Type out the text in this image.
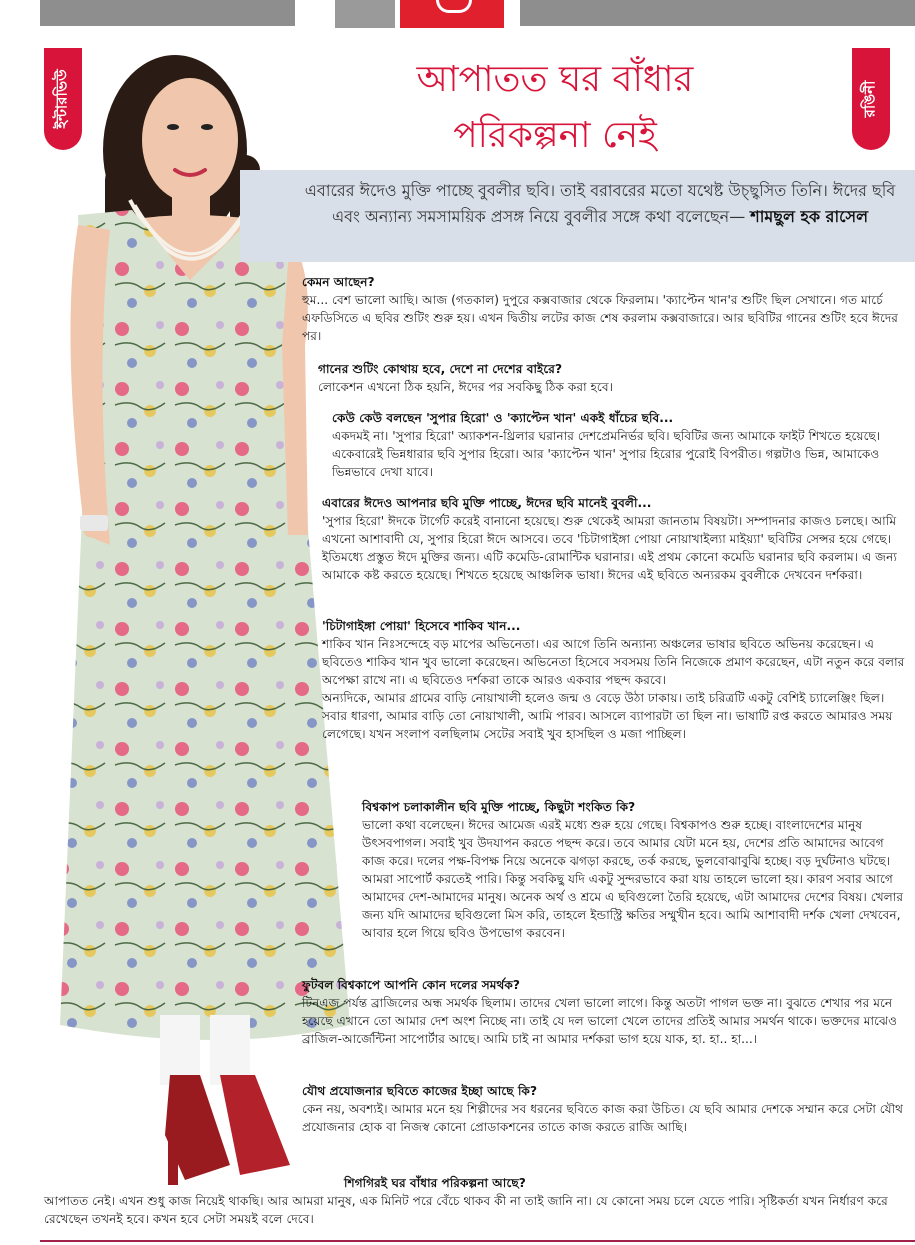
ইন্টারভিউ	রঙিনী
আপাতত ঘর বাঁধার
পরিকল্পনা নেই
এবারের ঈদেও মুক্তি পাচ্ছে বুবলীর ছবি। তাই বরাবরের মতো যথেষ্ট উচ্ছ্বসিত তিনি। ঈদের ছবি এবং অন্যান্য সমসাময়িক প্রসঙ্গ নিয়ে বুবলীর সঙ্গে কথা বলেছেন— শামছুল হক রাসেল

কেমন আছেন?

হুম... বেশ ভালো আছি। আজ (গতকাল) দুপুরে কক্সবাজার থেকে ফিরলাম। 'ক্যাপ্টেন খান'র শুটিং ছিল সেখানে। গত মার্চে এফডিসিতে এ ছবির শুটিং শুরু হয়। এখন দ্বিতীয় লটের কাজ শেষ করলাম কক্সবাজারে। আর ছবিটির গানের শুটিং হবে ঈদের পর।

গানের শুটিং কোথায় হবে, দেশে না দেশের বাইরে?

লোকেশন এখনো ঠিক হয়নি, ঈদের পর সবকিছু ঠিক করা হবে।

কেউ কেউ বলছেন 'সুপার হিরো' ও 'ক্যাপ্টেন খান' একই ধাঁচের ছবি...

একদমই না। 'সুপার হিরো' অ্যাকশন-থ্রিলার ঘরানার দেশপ্রেমনির্ভর ছবি। ছবিটির জন্য আমাকে ফাইট শিখতে হয়েছে। একেবারেই ভিন্নধারার ছবি সুপার হিরো। আর 'ক্যাপ্টেন খান' সুপার হিরোর পুরোই বিপরীত। গল্পটাও ভিন্ন, আমাকেও ভিন্নভাবে দেখা যাবে।

এবারের ঈদেও আপনার ছবি মুক্তি পাচ্ছে, ঈদের ছবি মানেই বুবলী...

'সুপার হিরো' ঈদকে টার্গেট করেই বানানো হয়েছে। শুরু থেকেই আমরা জানতাম বিষয়টা। সম্পাদনার কাজও চলছে। আমি এখনো আশাবাদী যে, সুপার হিরো ঈদে আসবে। তবে 'চিটাগাইঙ্গা পোয়া নোয়াখাইল্যা মাইয়্যা' ছবিটির সেন্সর হয়ে গেছে। ইতিমধ্যে প্রস্তুত ঈদে মুক্তির জন্য। এটি কমেডি-রোমান্টিক ঘরানার। এই প্রথম কোনো কমেডি ঘরানার ছবি করলাম। এ জন্য আমাকে কষ্ট করতে হয়েছে। শিখতে হয়েছে আঞ্চলিক ভাষা। ঈদের এই ছবিতে অন্যরকম বুবলীকে দেখবেন দর্শকরা।

'চিটাগাইঙ্গা পোয়া' হিসেবে শাকিব খান...

শাকিব খান নিঃসন্দেহে বড় মাপের অভিনেতা। এর আগে তিনি অন্যান্য অঞ্চলের ভাষার ছবিতে অভিনয় করেছেন। এ ছবিতেও শাকিব খান খুব ভালো করেছেন। অভিনেতা হিসেবে সবসময় তিনি নিজেকে প্রমাণ করেছেন, এটা নতুন করে বলার অপেক্ষা রাখে না। এ ছবিতেও দর্শকরা তাকে আরও একবার পছন্দ করবে।

অন্যদিকে, আমার গ্রামের বাড়ি নোয়াখালী হলেও জন্ম ও বেড়ে উঠা ঢাকায়। তাই চরিত্রটি একটু বেশিই চ্যালেঞ্জিং ছিল। সবার ধারণা, আমার বাড়ি তো নোয়াখালী, আমি পারব। আসলে ব্যাপারটা তা ছিল না। ভাষাটি রপ্ত করতে আমারও সময় লেগেছে। যখন সংলাপ বলছিলাম সেটের সবাই খুব হাসছিল ও মজা পাচ্ছিল।

বিশ্বকাপ চলাকালীন ছবি মুক্তি পাচ্ছে, কিছুটা শংকিত কি?

ভালো কথা বলেছেন। ঈদের আমেজ এরই মধ্যে শুরু হয়ে গেছে। বিশ্বকাপও শুরু হচ্ছে। বাংলাদেশের মানুষ উৎসবপাগল। সবাই খুব উদযাপন করতে পছন্দ করে। তবে আমার যেটা মনে হয়, দেশের প্রতি আমাদের আবেগ কাজ করে। দলের পক্ষ-বিপক্ষ নিয়ে অনেকে ঝগড়া করছে, তর্ক করছে, ভুলবোঝাবুঝি হচ্ছে। বড় দুর্ঘটনাও ঘটছে। আমরা সাপোর্ট করতেই পারি। কিন্তু সবকিছু যদি একটু সুন্দরভাবে করা যায় তাহলে ভালো হয়। কারণ সবার আগে আমাদের দেশ-আমাদের মানুষ। অনেক অর্থ ও শ্রমে এ ছবিগুলো তৈরি হয়েছে, এটা আমাদের দেশের বিষয়। খেলার জন্য যদি আমাদের ছবিগুলো মিস করি, তাহলে ইন্ডাস্ট্রি ক্ষতির সম্মুখীন হবে। আমি আশাবাদী দর্শক খেলা দেখবেন, আবার হলে গিয়ে ছবিও উপভোগ করবেন।

ফুটবল বিশ্বকাপে আপনি কোন দলের সমর্থক?

টিনএজ পর্যন্ত ব্রাজিলের অন্ধ সমর্থক ছিলাম। তাদের খেলা ভালো লাগে। কিন্তু অতটা পাগল ভক্ত না। বুঝতে শেখার পর মনে হয়েছে এখানে তো আমার দেশ অংশ নিচ্ছে না। তাই যে দল ভালো খেলে তাদের প্রতিই আমার সমর্থন থাকে। ভক্তদের মাঝেও ব্রাজিল-আর্জেন্টিনা সাপোর্টার আছে। আমি চাই না আমার দর্শকরা ভাগ হয়ে যাক, হা. হা.. হা...।

যৌথ প্রযোজনার ছবিতে কাজের ইচ্ছা আছে কি?

কেন নয়, অবশ্যই। আমার মনে হয় শিল্পীদের সব ধরনের ছবিতে কাজ করা উচিত। যে ছবি আমার দেশকে সম্মান করে সেটা যৌথ প্রযোজনার হোক বা নিজস্ব কোনো প্রোডাকশনের তাতে কাজ করতে রাজি আছি।

শিগগিরই ঘর বাঁধার পরিকল্পনা আছে?

আপাতত নেই। এখন শুধু কাজ নিয়েই থাকছি। আর আমরা মানুষ, এক মিনিট পরে বেঁচে থাকব কী না তাই জানি না। যে কোনো সময় চলে যেতে পারি। সৃষ্টিকর্তা যখন নির্ধারণ করে রেখেছেন তখনই হবে। কখন হবে সেটা সময়ই বলে দেবে।
